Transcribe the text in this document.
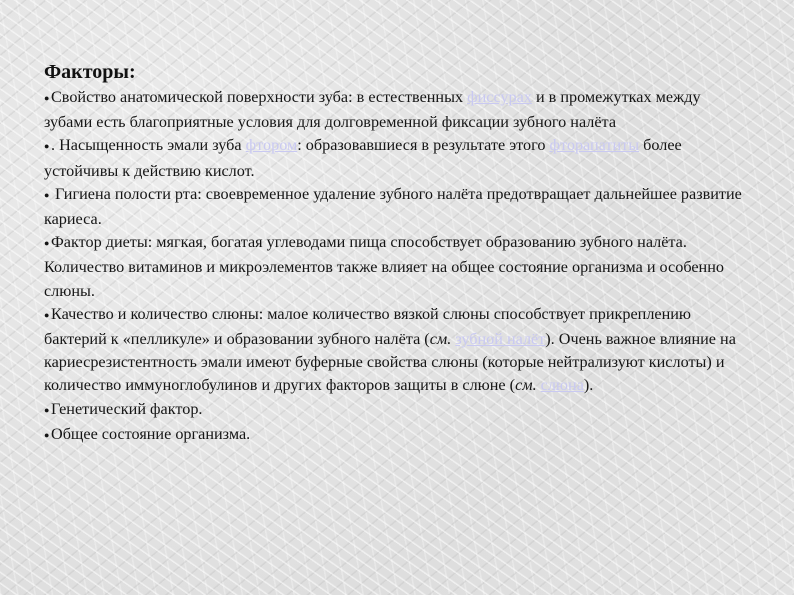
Факторы:

●Свойство анатомической поверхности зуба: в естественных фиссурах и в промежутках между зубами есть благоприятные условия для долговременной фиксации зубного налёта

●. Насыщенность эмали зуба фтором: образовавшиеся в результате этого фторапатиты более устойчивы к действию кислот.

● Гигиена полости рта: своевременное удаление зубного налёта предотвращает дальнейшее развитие кариеса.

●Фактор диеты: мягкая, богатая углеводами пища способствует образованию зубного налёта. Количество витаминов и микроэлементов также влияет на общее состояние организма и особенно слюны.

●Качество и количество слюны: малое количество вязкой слюны способствует прикреплению бактерий к «пелликуле» и образовании зубного налёта (см. зубной налёт). Очень важное влияние на кариесрезистентность эмали имеют буферные свойства слюны (которые нейтрализуют кислоты) и количество иммуноглобулинов и других факторов защиты в слюне (см. слюна).

●Генетический фактор.

●Общее состояние организма.
